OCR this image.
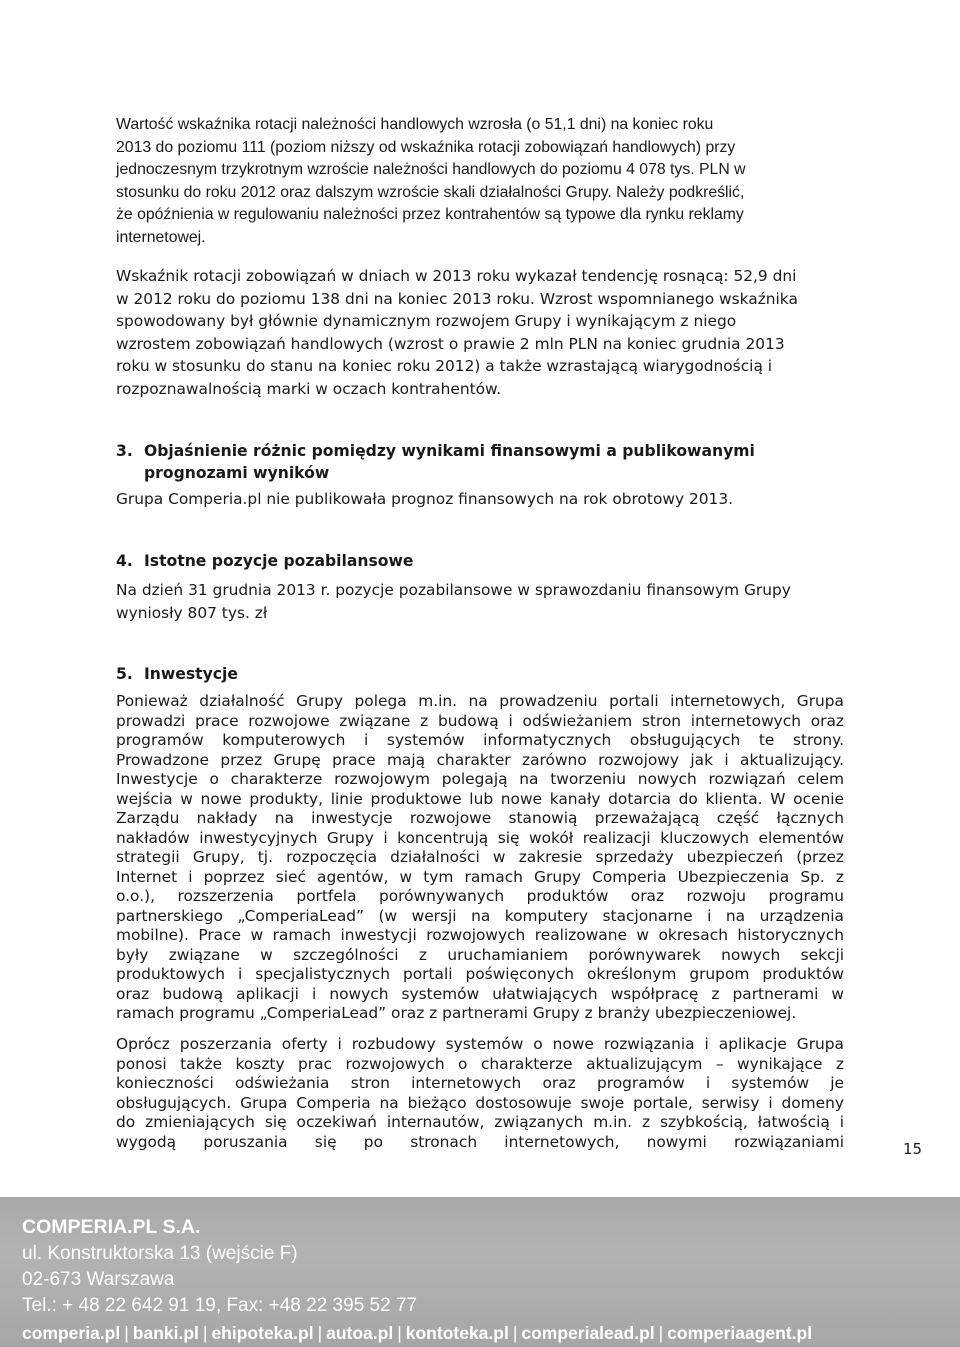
Wartość wskaźnika rotacji należności handlowych wzrosła (o 51,1 dni) na koniec roku
2013 do poziomu 111 (poziom niższy od wskaźnika rotacji zobowiązań handlowych) przy
jednoczesnym trzykrotnym wzroście należności handlowych do poziomu 4 078 tys. PLN w
stosunku do roku 2012 oraz dalszym wzroście skali działalności Grupy. Należy podkreślić,
że opóźnienia w regulowaniu należności przez kontrahentów są typowe dla rynku reklamy
internetowej.
Wskaźnik rotacji zobowiązań w dniach w 2013 roku wykazał tendencję rosnącą: 52,9 dni
w 2012 roku do poziomu 138 dni na koniec 2013 roku. Wzrost wspomnianego wskaźnika
spowodowany był głównie dynamicznym rozwojem Grupy i wynikającym z niego
wzrostem zobowiązań handlowych (wzrost o prawie 2 mln PLN na koniec grudnia 2013
roku w stosunku do stanu na koniec roku 2012) a także wzrastającą wiarygodnością i
rozpoznawalnością marki w oczach kontrahentów.
3. Objaśnienie różnic pomiędzy wynikami finansowymi a publikowanymi
prognozami wyników
Grupa Comperia.pl nie publikowała prognoz finansowych na rok obrotowy 2013.
4. Istotne pozycje pozabilansowe
Na dzień 31 grudnia 2013 r. pozycje pozabilansowe w sprawozdaniu finansowym Grupy
wyniosły 807 tys. zł
5. Inwestycje
Ponieważ działalność Grupy polega m.in. na prowadzeniu portali internetowych, Grupa
prowadzi prace rozwojowe związane z budową i odświeżaniem stron internetowych oraz
programów komputerowych i systemów informatycznych obsługujących te strony.
Prowadzone przez Grupę prace mają charakter zarówno rozwojowy jak i aktualizujący.
Inwestycje o charakterze rozwojowym polegają na tworzeniu nowych rozwiązań celem
wejścia w nowe produkty, linie produktowe lub nowe kanały dotarcia do klienta. W ocenie
Zarządu nakłady na inwestycje rozwojowe stanowią przeważającą część łącznych
nakładów inwestycyjnych Grupy i koncentrują się wokół realizacji kluczowych elementów
strategii Grupy, tj. rozpoczęcia działalności w zakresie sprzedaży ubezpieczeń (przez
Internet i poprzez sieć agentów, w tym ramach Grupy Comperia Ubezpieczenia Sp. z
o.o.), rozszerzenia portfela porównywanych produktów oraz rozwoju programu
partnerskiego „ComperiaLead” (w wersji na komputery stacjonarne i na urządzenia
mobilne). Prace w ramach inwestycji rozwojowych realizowane w okresach historycznych
były związane w szczególności z uruchamianiem porównywarek nowych sekcji
produktowych i specjalistycznych portali poświęconych określonym grupom produktów
oraz budową aplikacji i nowych systemów ułatwiających współpracę z partnerami w
ramach programu „ComperiaLead” oraz z partnerami Grupy z branży ubezpieczeniowej.
Oprócz poszerzania oferty i rozbudowy systemów o nowe rozwiązania i aplikacje Grupa
ponosi także koszty prac rozwojowych o charakterze aktualizującym – wynikające z
konieczności odświeżania stron internetowych oraz programów i systemów je
obsługujących. Grupa Comperia na bieżąco dostosowuje swoje portale, serwisy i domeny
do zmieniających się oczekiwań internautów, związanych m.in. z szybkością, łatwością i
wygodą poruszania się po stronach internetowych, nowymi rozwiązaniami	15
COMPERIA.PL S.A.
ul. Konstruktorska 13 (wejście F)
02-673 Warszawa
Tel.: + 48 22 642 91 19, Fax: +48 22 395 52 77
comperia.pl | banki.pl | ehipoteka.pl | autoa.pl | kontoteka.pl | comperialead.pl | comperiaagent.pl
